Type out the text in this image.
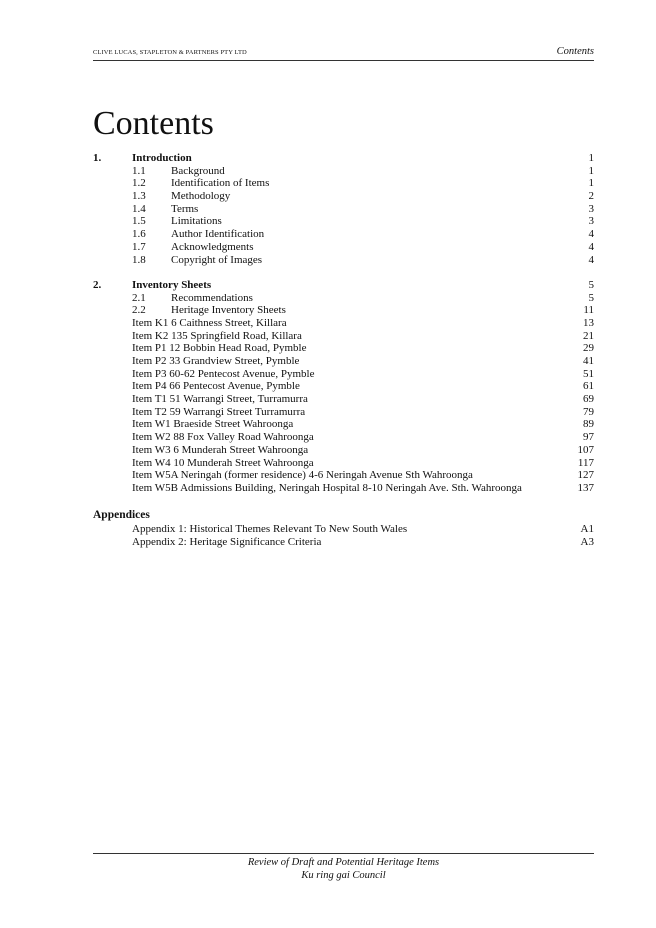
CLIVE LUCAS, STAPLETON & PARTNERS PTY LTD	Contents
Contents
1.	Introduction	1
1.1 Background	1
1.2 Identification of Items	1
1.3 Methodology	2
1.4 Terms	3
1.5 Limitations	3
1.6 Author Identification	4
1.7 Acknowledgments	4
1.8 Copyright of Images	4
2.	Inventory Sheets	5
2.1 Recommendations	5
2.2 Heritage Inventory Sheets	11
Item K1 6 Caithness Street, Killara	13
Item K2 135 Springfield Road, Killara	21
Item P1 12 Bobbin Head Road, Pymble	29
Item P2 33 Grandview Street, Pymble	41
Item P3 60-62 Pentecost Avenue, Pymble	51
Item P4 66 Pentecost Avenue, Pymble	61
Item T1 51 Warrangi Street, Turramurra	69
Item T2 59 Warrangi Street Turramurra	79
Item W1 Braeside Street Wahroonga	89
Item W2 88 Fox Valley Road Wahroonga	97
Item W3 6 Munderah Street Wahroonga	107
Item W4 10 Munderah Street Wahroonga	117
Item W5A Neringah (former residence) 4-6 Neringah Avenue Sth Wahroonga	127
Item W5B Admissions Building, Neringah Hospital 8-10 Neringah Ave. Sth. Wahroonga	137
Appendices
Appendix 1: Historical Themes Relevant To New South Wales	A1
Appendix 2: Heritage Significance Criteria	A3
Review of Draft and Potential Heritage Items
Ku ring gai Council
